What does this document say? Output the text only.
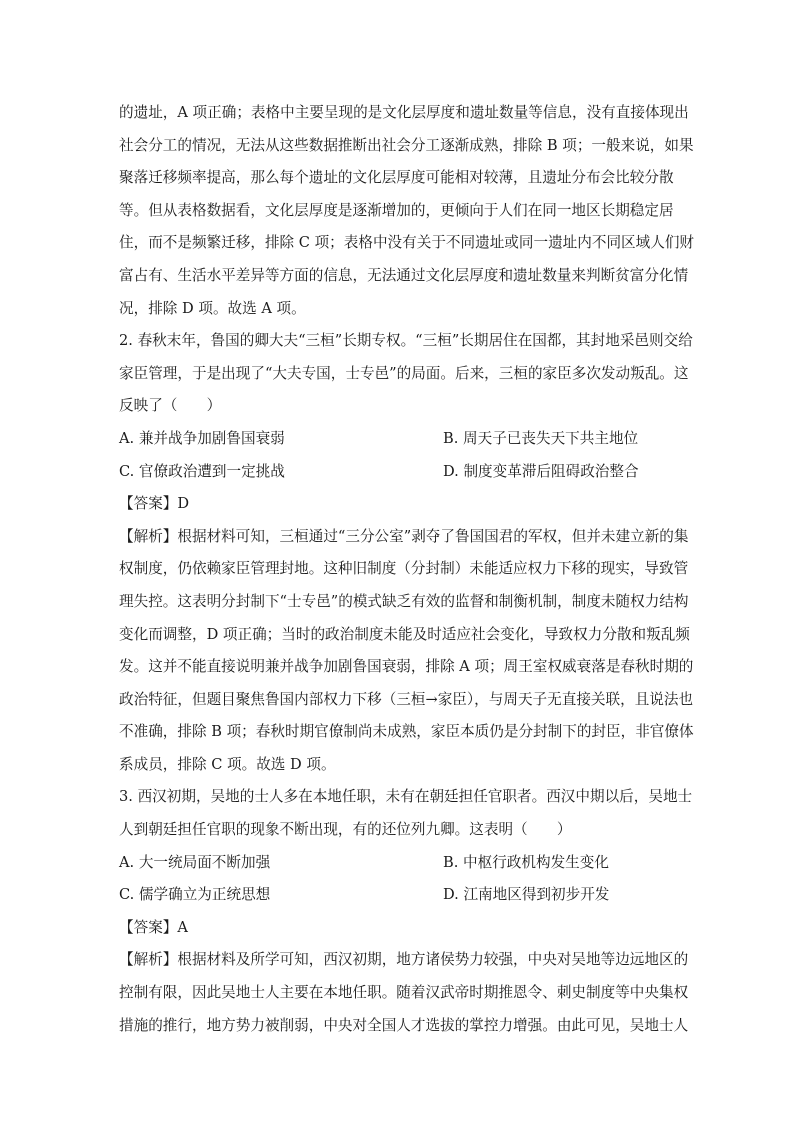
的遗址，A 项正确；表格中主要呈现的是文化层厚度和遗址数量等信息，没有直接体现出
社会分工的情况，无法从这些数据推断出社会分工逐渐成熟，排除 B 项；一般来说，如果
聚落迁移频率提高，那么每个遗址的文化层厚度可能相对较薄，且遗址分布会比较分散
等。但从表格数据看，文化层厚度是逐渐增加的，更倾向于人们在同一地区长期稳定居
住，而不是频繁迁移，排除 C 项；表格中没有关于不同遗址或同一遗址内不同区域人们财
富占有、生活水平差异等方面的信息，无法通过文化层厚度和遗址数量来判断贫富分化情
况，排除 D 项。故选 A 项。
2. 春秋末年，鲁国的卿大夫“三桓”长期专权。“三桓”长期居住在国都，其封地采邑则交给
家臣管理，于是出现了“大夫专国，士专邑”的局面。后来，三桓的家臣多次发动叛乱。这
反映了（　　）
A. 兼并战争加剧鲁国衰弱	B. 周天子已丧失天下共主地位
C. 官僚政治遭到一定挑战	D. 制度变革滞后阻碍政治整合
【答案】D
【解析】根据材料可知，三桓通过“三分公室”剥夺了鲁国国君的军权，但并未建立新的集
权制度，仍依赖家臣管理封地。这种旧制度（分封制）未能适应权力下移的现实，导致管
理失控。这表明分封制下“士专邑”的模式缺乏有效的监督和制衡机制，制度未随权力结构
变化而调整，D 项正确；当时的政治制度未能及时适应社会变化，导致权力分散和叛乱频
发。这并不能直接说明兼并战争加剧鲁国衰弱，排除 A 项；周王室权威衰落是春秋时期的
政治特征，但题目聚焦鲁国内部权力下移（三桓→家臣），与周天子无直接关联，且说法也
不准确，排除 B 项；春秋时期官僚制尚未成熟，家臣本质仍是分封制下的封臣，非官僚体
系成员，排除 C 项。故选 D 项。
3. 西汉初期，吴地的士人多在本地任职，未有在朝廷担任官职者。西汉中期以后，吴地士
人到朝廷担任官职的现象不断出现，有的还位列九卿。这表明（　　）
A. 大一统局面不断加强	B. 中枢行政机构发生变化
C. 儒学确立为正统思想	D. 江南地区得到初步开发
【答案】A
【解析】根据材料及所学可知，西汉初期，地方诸侯势力较强，中央对吴地等边远地区的
控制有限，因此吴地士人主要在本地任职。随着汉武帝时期推恩令、刺史制度等中央集权
措施的推行，地方势力被削弱，中央对全国人才选拔的掌控力增强。由此可见，吴地士人
